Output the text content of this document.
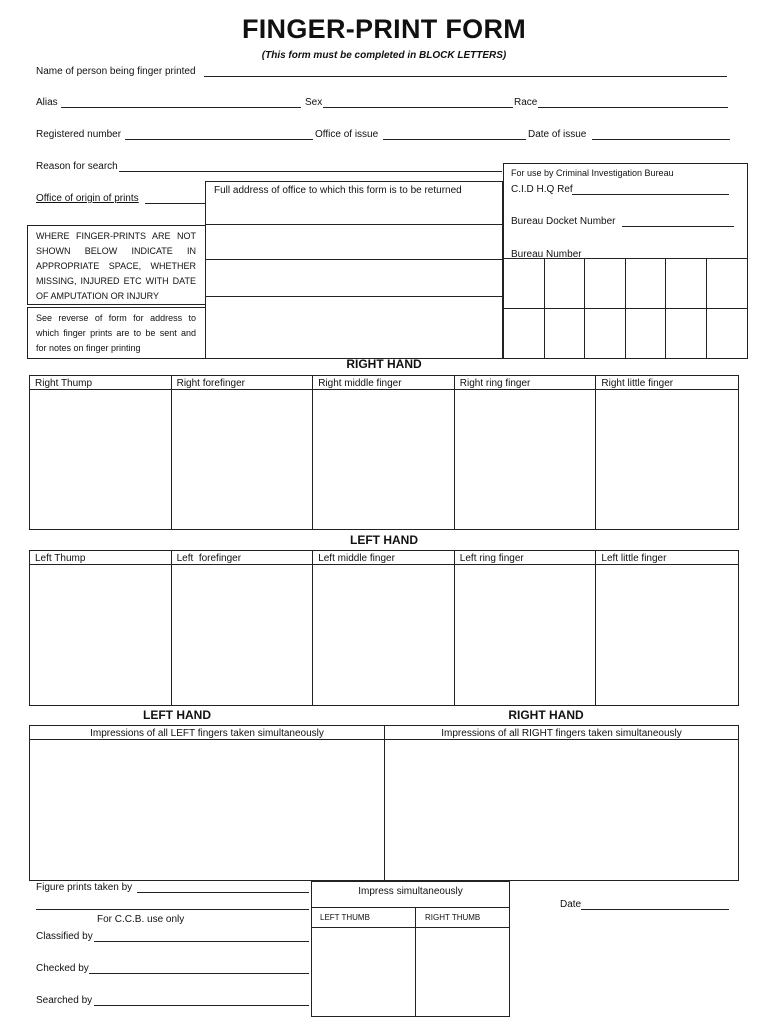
FINGER-PRINT FORM
(This form must be completed in BLOCK LETTERS)
Name of person being finger printed
Alias	Sex	Race
Registered number	Office of issue	Date of issue
Reason for search
Office of origin of prints
Full address of office to which this form is to be returned
WHERE FINGER-PRINTS ARE NOT SHOWN BELOW INDICATE IN APPROPRIATE SPACE, WHETHER MISSING, INJURED ETC WITH DATE OF AMPUTATION OR INJURY
See reverse of form for address to which finger prints are to be sent and for notes on finger printing
For use by Criminal Investigation Bureau
C.I.D H.Q Ref
Bureau Docket Number
Bureau Number
RIGHT HAND
Right Thump	Right forefinger	Right middle finger	Right ring finger	Right little finger
LEFT HAND
Left Thump	Left  forefinger	Left middle finger	Left ring finger	Left little finger
LEFT HAND	RIGHT HAND
Impressions of all LEFT fingers taken simultaneously	Impressions of all RIGHT fingers taken simultaneously
Figure prints taken by
For C.C.B. use only
Classified by
Checked by
Searched by
Impress simultaneously
LEFT THUMB	RIGHT THUMB
Date
